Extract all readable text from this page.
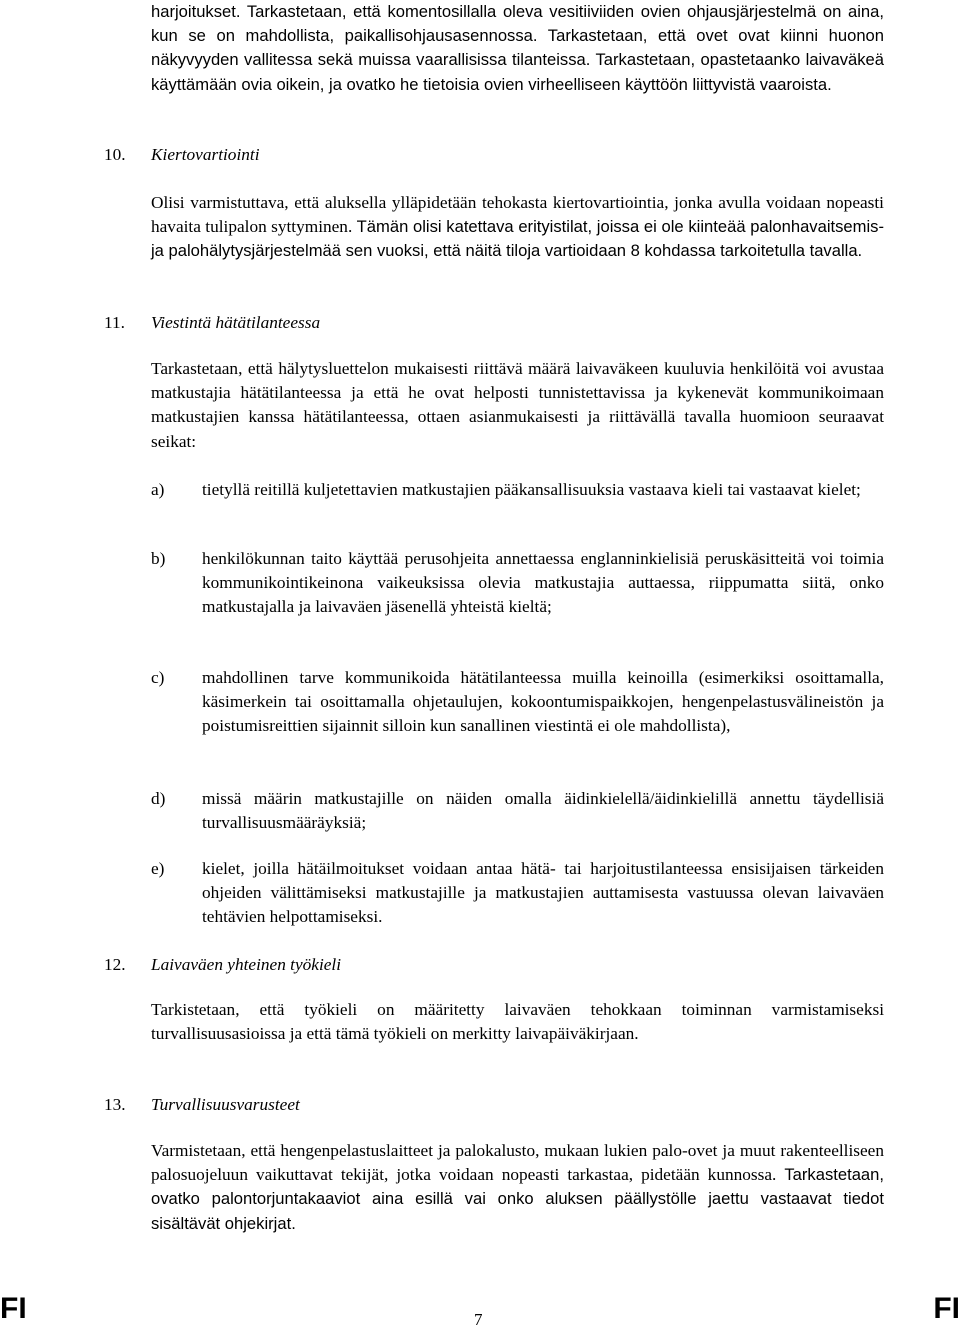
harjoitukset. Tarkastetaan, että komentosillalla oleva vesitiiviiden ovien ohjausjärjestelmä on aina, kun se on mahdollista, paikallisohjausasennossa. Tarkastetaan, että ovet ovat kiinni huonon näkyvyyden vallitessa sekä muissa vaarallisissa tilanteissa. Tarkastetaan, opastetaanko laivaväkeä käyttämään ovia oikein, ja ovatko he tietoisia ovien virheelliseen käyttöön liittyvistä vaaroista.

10. Kiertovartiointi

Olisi varmistuttava, että aluksella ylläpidetään tehokasta kiertovartiointia, jonka avulla voidaan nopeasti havaita tulipalon syttyminen. Tämän olisi katettava erityistilat, joissa ei ole kiinteää palonhavaitsemis- ja palohälytysjärjestelmää sen vuoksi, että näitä tiloja vartioidaan 8 kohdassa tarkoitetulla tavalla.

11. Viestintä hätätilanteessa

Tarkastetaan, että hälytysluettelon mukaisesti riittävä määrä laivaväkeen kuuluvia henkilöitä voi avustaa matkustajia hätätilanteessa ja että he ovat helposti tunnistettavissa ja kykenevät kommunikoimaan matkustajien kanssa hätätilanteessa, ottaen asianmukaisesti ja riittävällä tavalla huomioon seuraavat seikat:

a) tietyllä reitillä kuljetettavien matkustajien pääkansallisuuksia vastaava kieli tai vastaavat kielet;
b) henkilökunnan taito käyttää perusohjeita annettaessa englanninkielisiä peruskäsitteitä voi toimia kommunikointikeinona vaikeuksissa olevia matkustajia auttaessa, riippumatta siitä, onko matkustajalla ja laivaväen jäsenellä yhteistä kieltä;
c) mahdollinen tarve kommunikoida hätätilanteessa muilla keinoilla (esimerkiksi osoittamalla, käsimerkein tai osoittamalla ohjetaulujen, kokoontumispaikkojen, hengenpelastusvälineistön ja poistumisreittien sijainnit silloin kun sanallinen viestintä ei ole mahdollista),
d) missä määrin matkustajille on näiden omalla äidinkielellä/äidinkielillä annettu täydellisiä turvallisuusmääräyksiä;
e) kielet, joilla hätäilmoitukset voidaan antaa hätä- tai harjoitustilanteessa ensisijaisen tärkeiden ohjeiden välittämiseksi matkustajille ja matkustajien auttamisesta vastuussa olevan laivaväen tehtävien helpottamiseksi.
12. Laivaväen yhteinen työkieli

Tarkistetaan, että työkieli on määritetty laivaväen tehokkaan toiminnan varmistamiseksi turvallisuusasioissa ja että tämä työkieli on merkitty laivapäiväkirjaan.

13. Turvallisuusvarusteet

Varmistetaan, että hengenpelastuslaitteet ja palokalusto, mukaan lukien palo-ovet ja muut rakenteelliseen palosuojeluun vaikuttavat tekijät, jotka voidaan nopeasti tarkastaa, pidetään kunnossa. Tarkastetaan, ovatko palontorjuntakaaviot aina esillä vai onko aluksen päällystölle jaettu vastaavat tiedot sisältävät ohjekirjat.

FI	7	FI
